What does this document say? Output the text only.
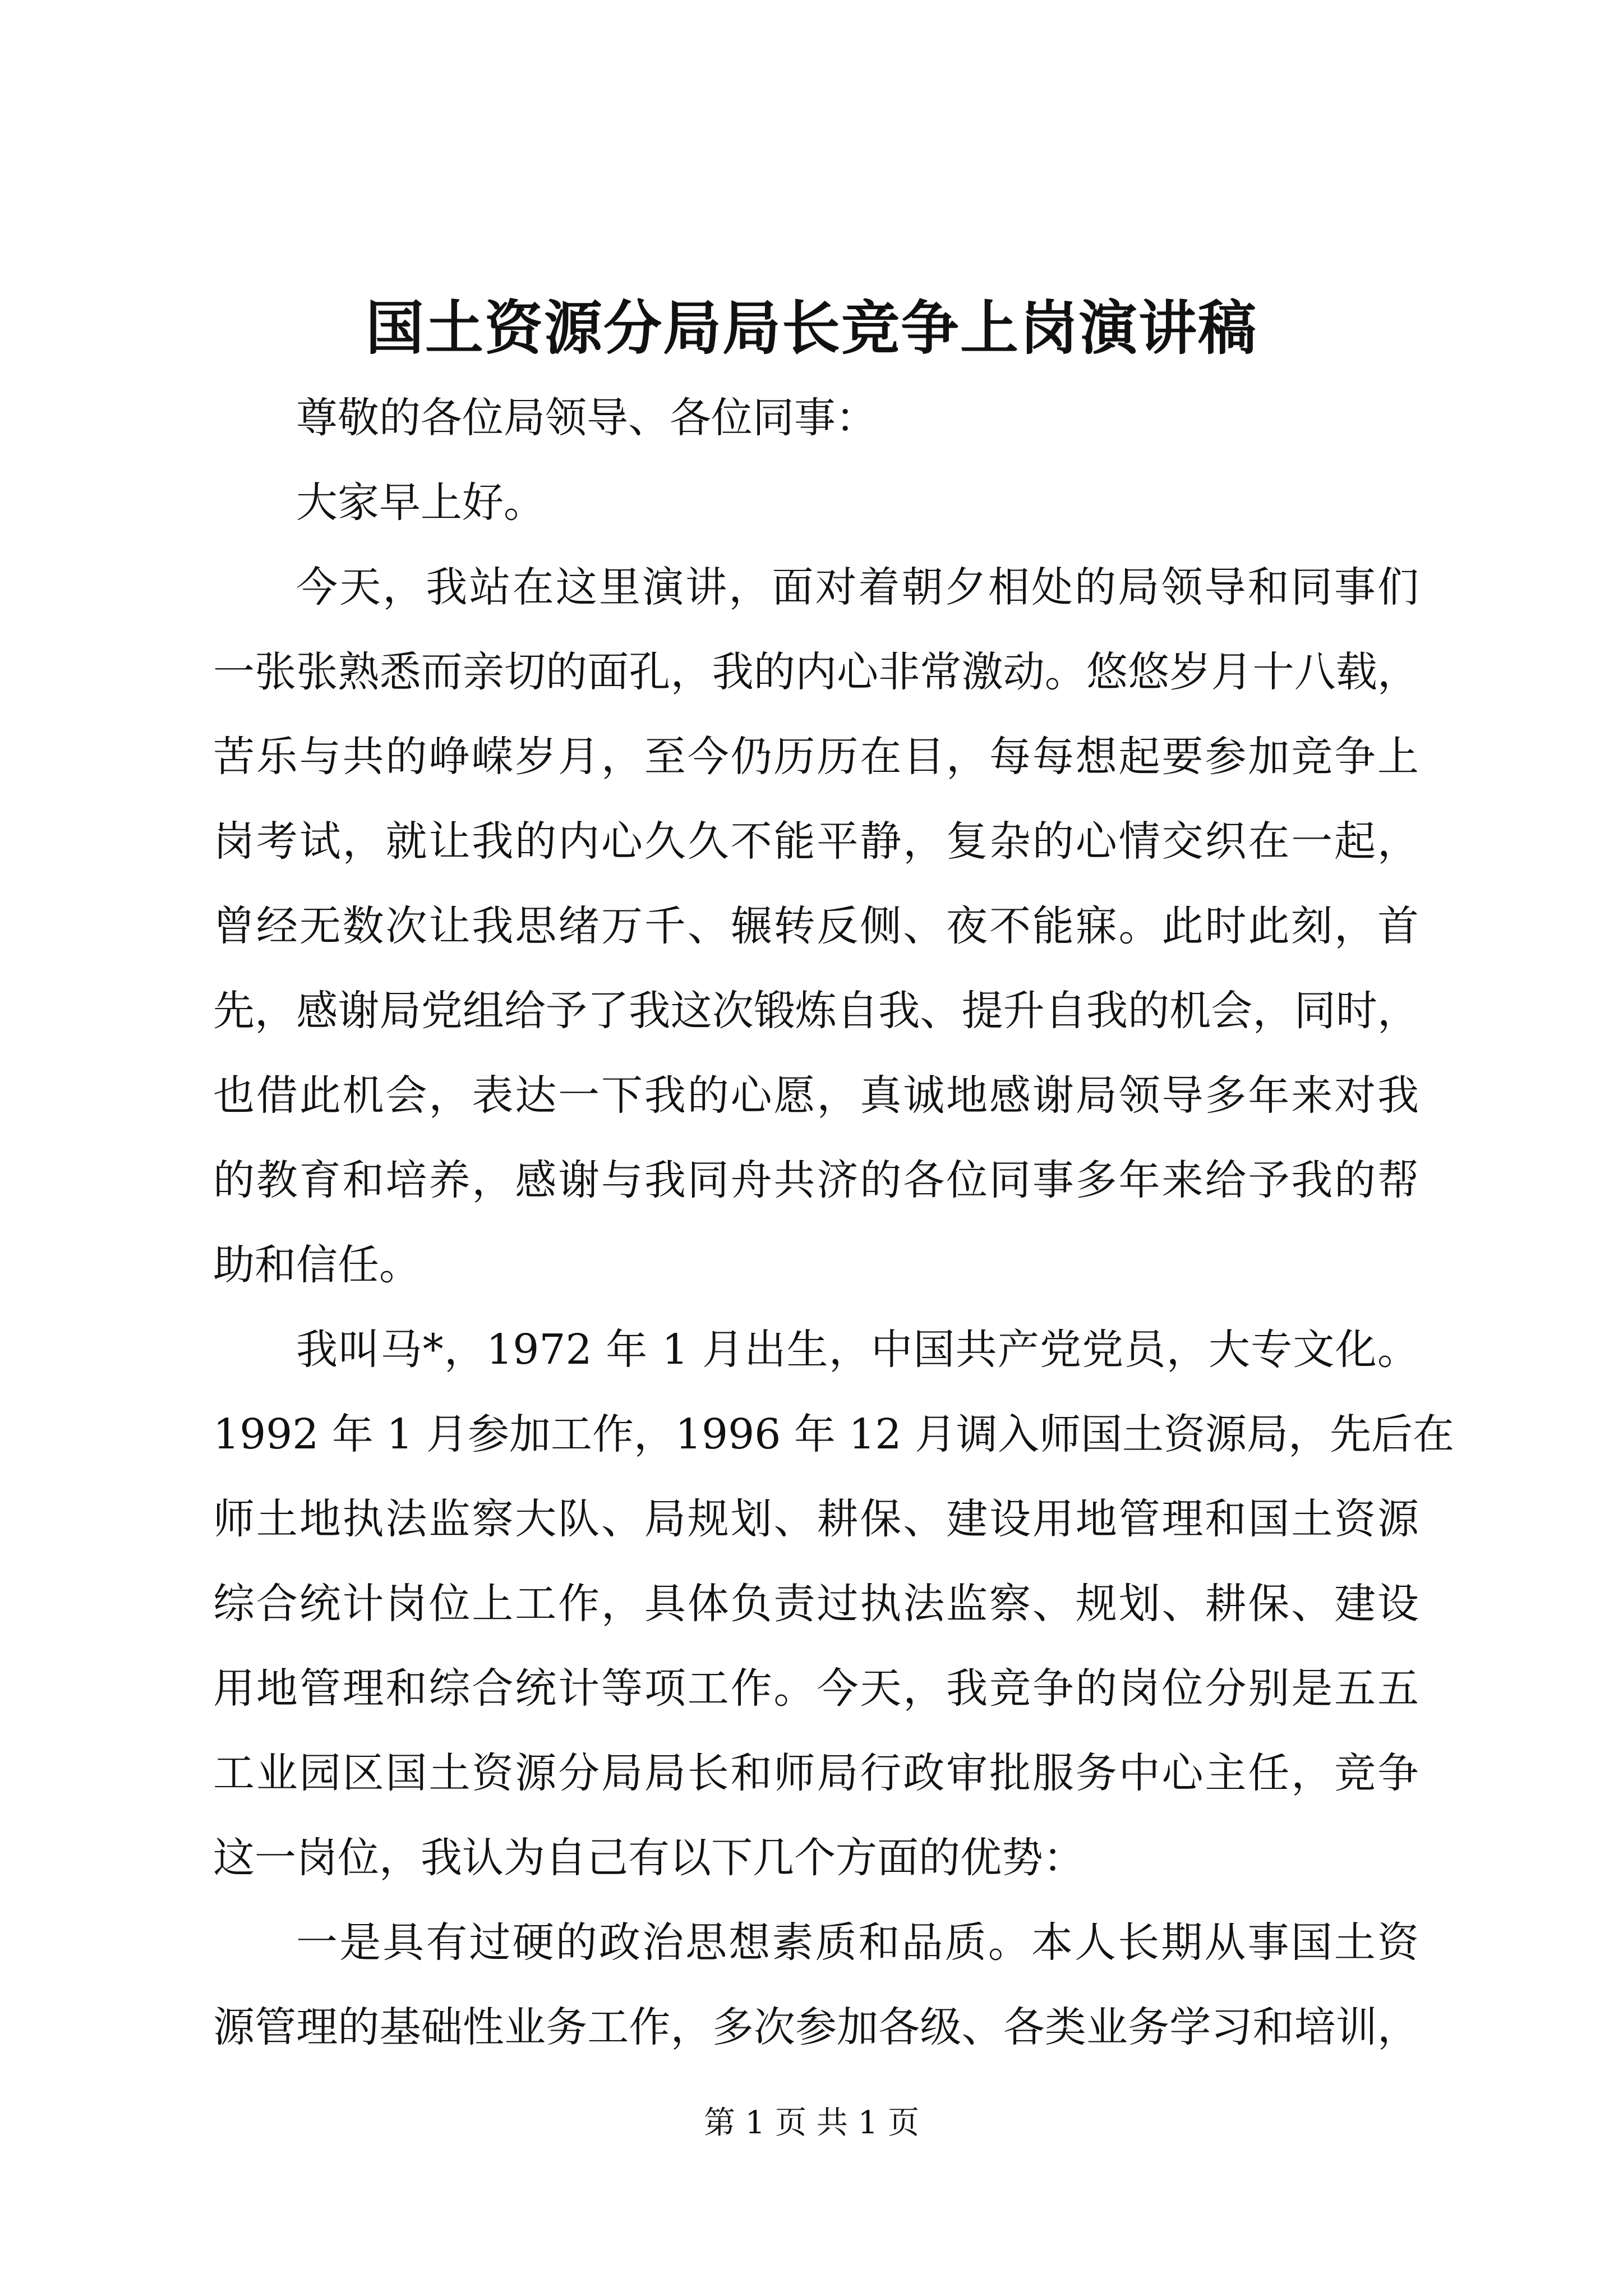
国土资源分局局长竞争上岗演讲稿
尊敬的各位局领导、各位同事：
大家早上好。
今天，我站在这里演讲，面对着朝夕相处的局领导和同事们
一张张熟悉而亲切的面孔，我的内心非常激动。悠悠岁月十八载，
苦乐与共的峥嵘岁月，至今仍历历在目，每每想起要参加竞争上
岗考试，就让我的内心久久不能平静，复杂的心情交织在一起，
曾经无数次让我思绪万千、辗转反侧、夜不能寐。此时此刻，首
先，感谢局党组给予了我这次锻炼自我、提升自我的机会，同时，
也借此机会，表达一下我的心愿，真诚地感谢局领导多年来对我
的教育和培养，感谢与我同舟共济的各位同事多年来给予我的帮
助和信任。
我叫马*，1972 年 1 月出生，中国共产党党员，大专文化。
1992 年 1 月参加工作，1996 年 12 月调入师国土资源局，先后在
师土地执法监察大队、局规划、耕保、建设用地管理和国土资源
综合统计岗位上工作，具体负责过执法监察、规划、耕保、建设
用地管理和综合统计等项工作。今天，我竞争的岗位分别是五五
工业园区国土资源分局局长和师局行政审批服务中心主任，竞争
这一岗位，我认为自己有以下几个方面的优势：
一是具有过硬的政治思想素质和品质。本人长期从事国土资
源管理的基础性业务工作，多次参加各级、各类业务学习和培训，
第 1 页 共 1 页
